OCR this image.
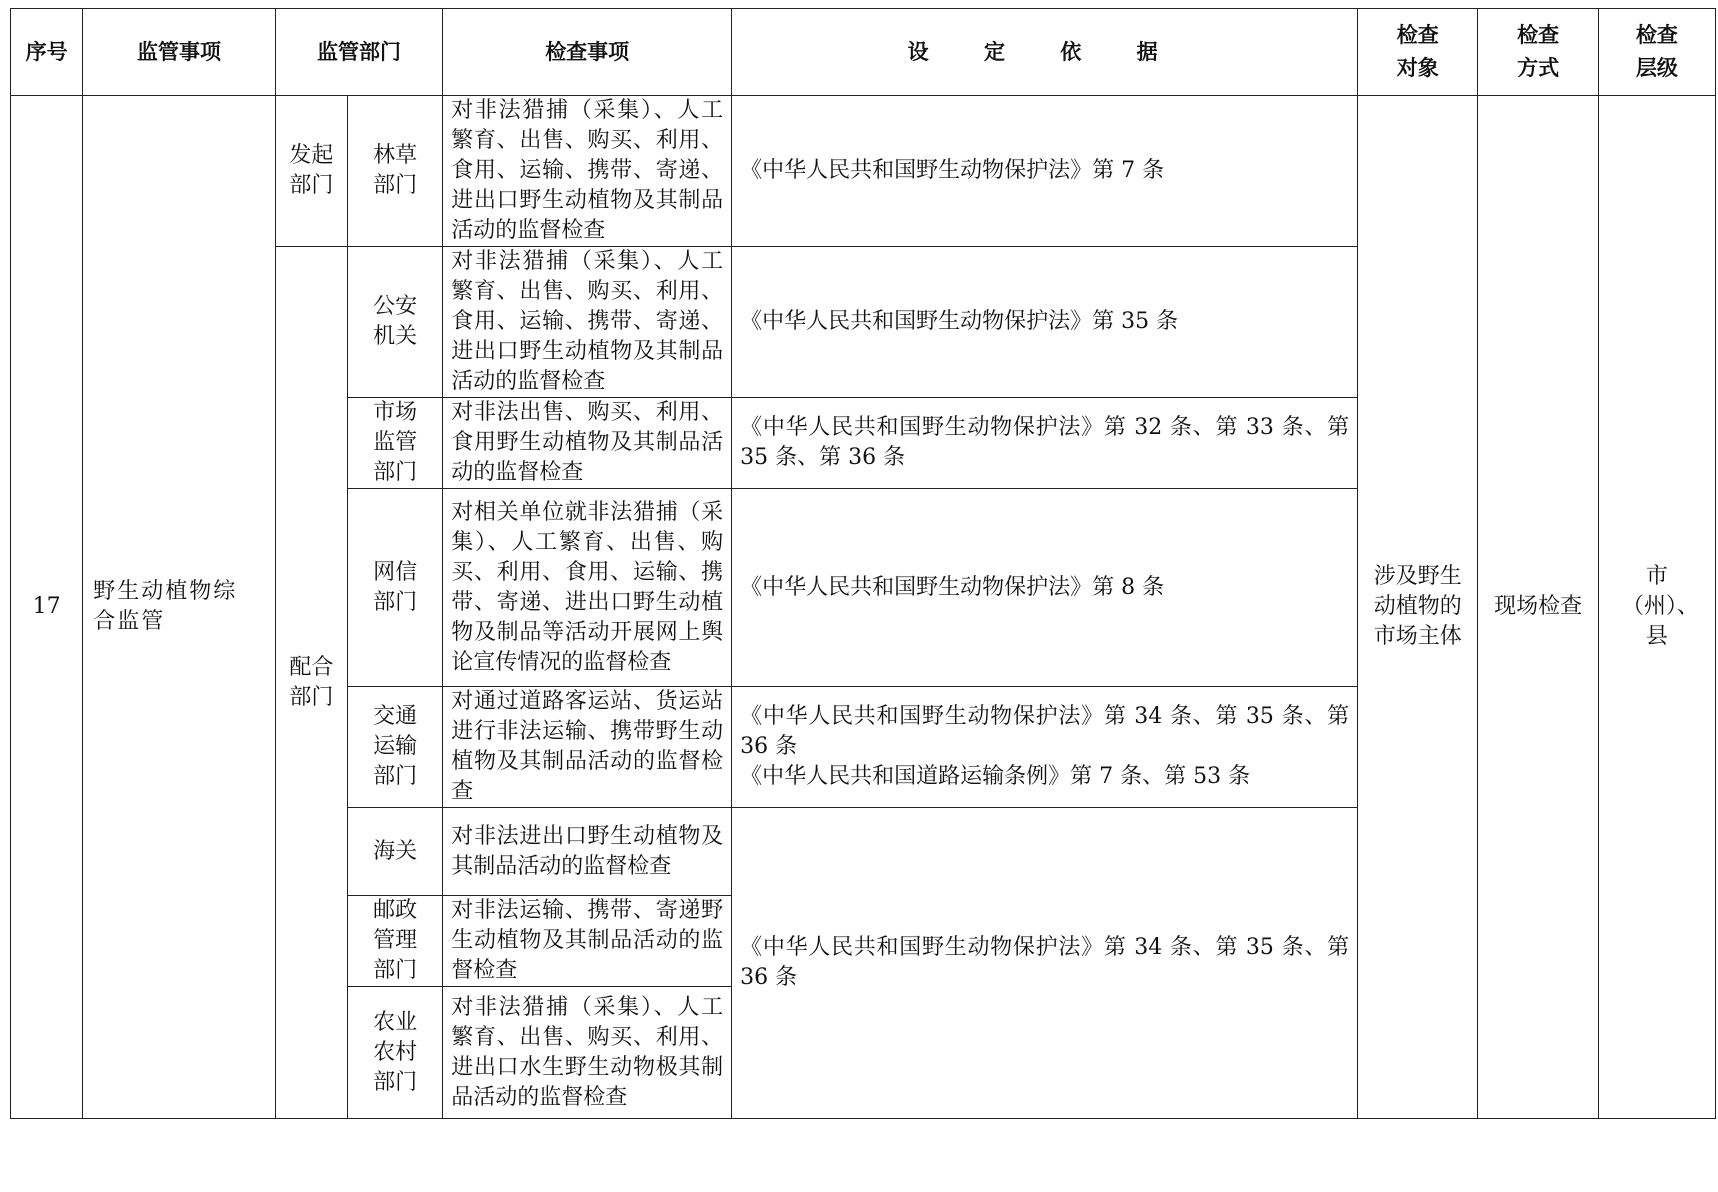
序号	监管事项	监管部门		检查事项	设 定 依 据	检查对象	检查方式	检查层级

17	野生动植物综合监管	发起部门	林草部门	对非法猎捕（采集）、人工繁育、出售、购买、利用、食用、运输、携带、寄递、进出口野生动植物及其制品活动的监督检查	《中华人民共和国野生动物保护法》第 7 条	涉及野生动植物的市场主体	现场检查	市（州）、县

		配合部门	公安机关	对非法猎捕（采集）、人工繁育、出售、购买、利用、食用、运输、携带、寄递、进出口野生动植物及其制品活动的监督检查	《中华人民共和国野生动物保护法》第 35 条			

			市场监管部门	对非法出售、购买、利用、食用野生动植物及其制品活动的监督检查	《中华人民共和国野生动物保护法》第 32 条、第 33 条、第 35 条、第 36 条			

			网信部门	对相关单位就非法猎捕（采集）、人工繁育、出售、购买、利用、食用、运输、携带、寄递、进出口野生动植物及制品等活动开展网上舆论宣传情况的监督检查	《中华人民共和国野生动物保护法》第 8 条			

			交通运输部门	对通过道路客运站、货运站进行非法运输、携带野生动植物及其制品活动的监督检查	《中华人民共和国野生动物保护法》第 34 条、第 35 条、第 36 条
《中华人民共和国道路运输条例》第 7 条、第 53 条			

			海关	对非法进出口野生动植物及其制品活动的监督检查	《中华人民共和国野生动物保护法》第 34 条、第 35 条、第 36 条			

			邮政管理部门	对非法运输、携带、寄递野生动植物及其制品活动的监督检查				

			农业农村部门	对非法猎捕（采集）、人工繁育、出售、购买、利用、进出口水生野生动物极其制品活动的监督检查				
